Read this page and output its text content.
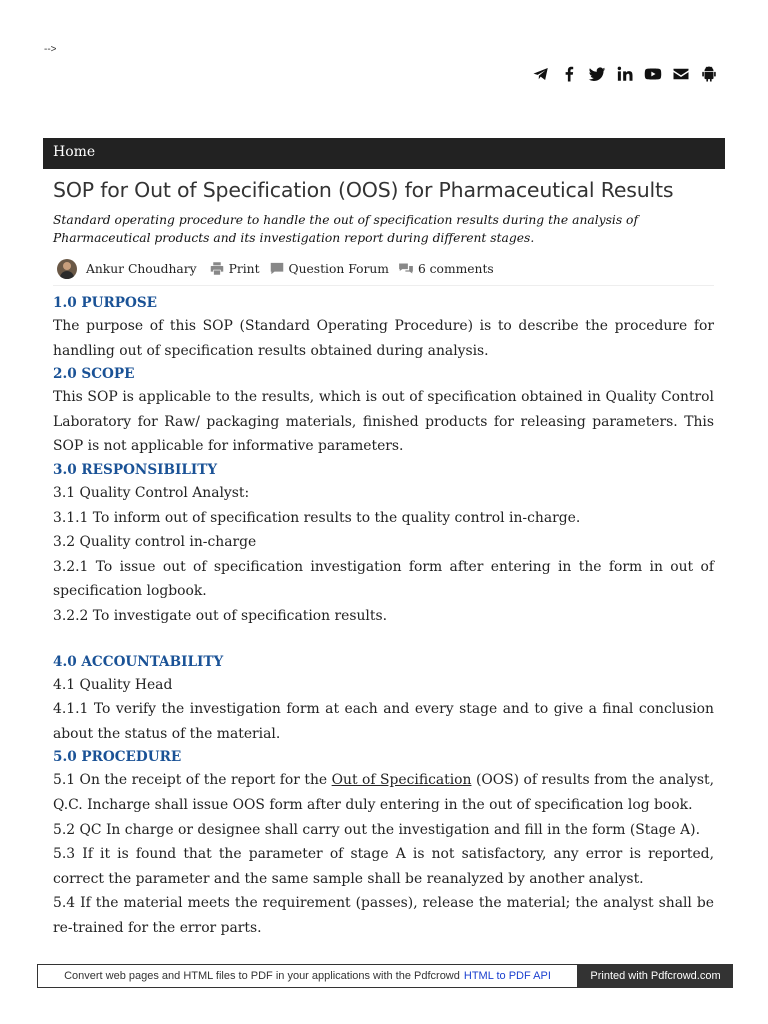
-->
Home
SOP for Out of Specification (OOS) for Pharmaceutical Results
Standard operating procedure to handle the out of specification results during the analysis of Pharmaceutical products and its investigation report during different stages.
Ankur Choudhary	Print Question Forum 6 comments
1.0 PURPOSE

The purpose of this SOP (Standard Operating Procedure) is to describe the procedure for handling out of specification results obtained during analysis.

2.0 SCOPE

This SOP is applicable to the results, which is out of specification obtained in Quality Control Laboratory for Raw/ packaging materials, finished products for releasing parameters. This SOP is not applicable for informative parameters.

3.0 RESPONSIBILITY

3.1 Quality Control Analyst:

3.1.1 To inform out of specification results to the quality control in-charge.

3.2 Quality control in-charge

3.2.1 To issue out of specification investigation form after entering in the form in out of specification logbook.

3.2.2 To investigate out of specification results.

4.0 ACCOUNTABILITY

4.1 Quality Head

4.1.1 To verify the investigation form at each and every stage and to give a final conclusion about the status of the material.

5.0 PROCEDURE

5.1 On the receipt of the report for the Out of Specification (OOS) of results from the analyst, Q.C. Incharge shall issue OOS form after duly entering in the out of specification log book.

5.2 QC In charge or designee shall carry out the investigation and fill in the form (Stage A).

5.3 If it is found that the parameter of stage A is not satisfactory, any error is reported, correct the parameter and the same sample shall be reanalyzed by another analyst.

5.4 If the material meets the requirement (passes), release the material; the analyst shall be re-trained for the error parts.

Convert web pages and HTML files to PDF in your applications with the Pdfcrowd HTML to PDF API	Printed with Pdfcrowd.com
